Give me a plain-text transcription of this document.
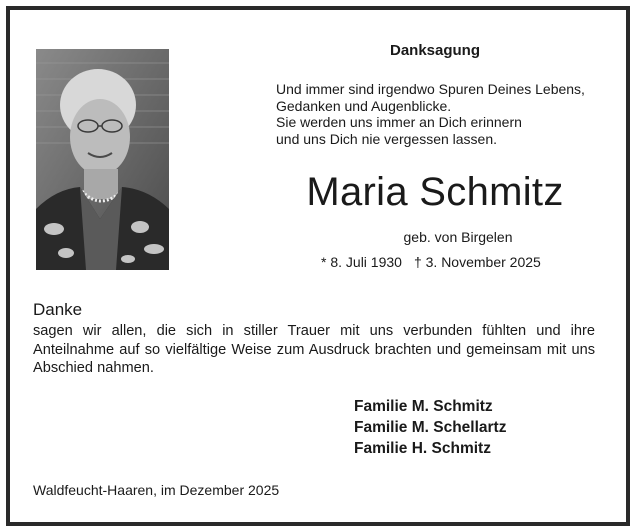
Danksagung
Und immer sind irgendwo Spuren Deines Lebens,
Gedanken und Augenblicke.
Sie werden uns immer an Dich erinnern
und uns Dich nie vergessen lassen.
Maria Schmitz
geb. von Birgelen
* 8. Juli 1930 † 3. November 2025
Danke
sagen wir allen, die sich in stiller Trauer mit uns verbunden fühlten und ihre Anteilnahme auf so vielfältige Weise zum Ausdruck brachten und gemeinsam mit uns Abschied nahmen.
Familie M. Schmitz
Familie M. Schellartz
Familie H. Schmitz
Waldfeucht-Haaren, im Dezember 2025
